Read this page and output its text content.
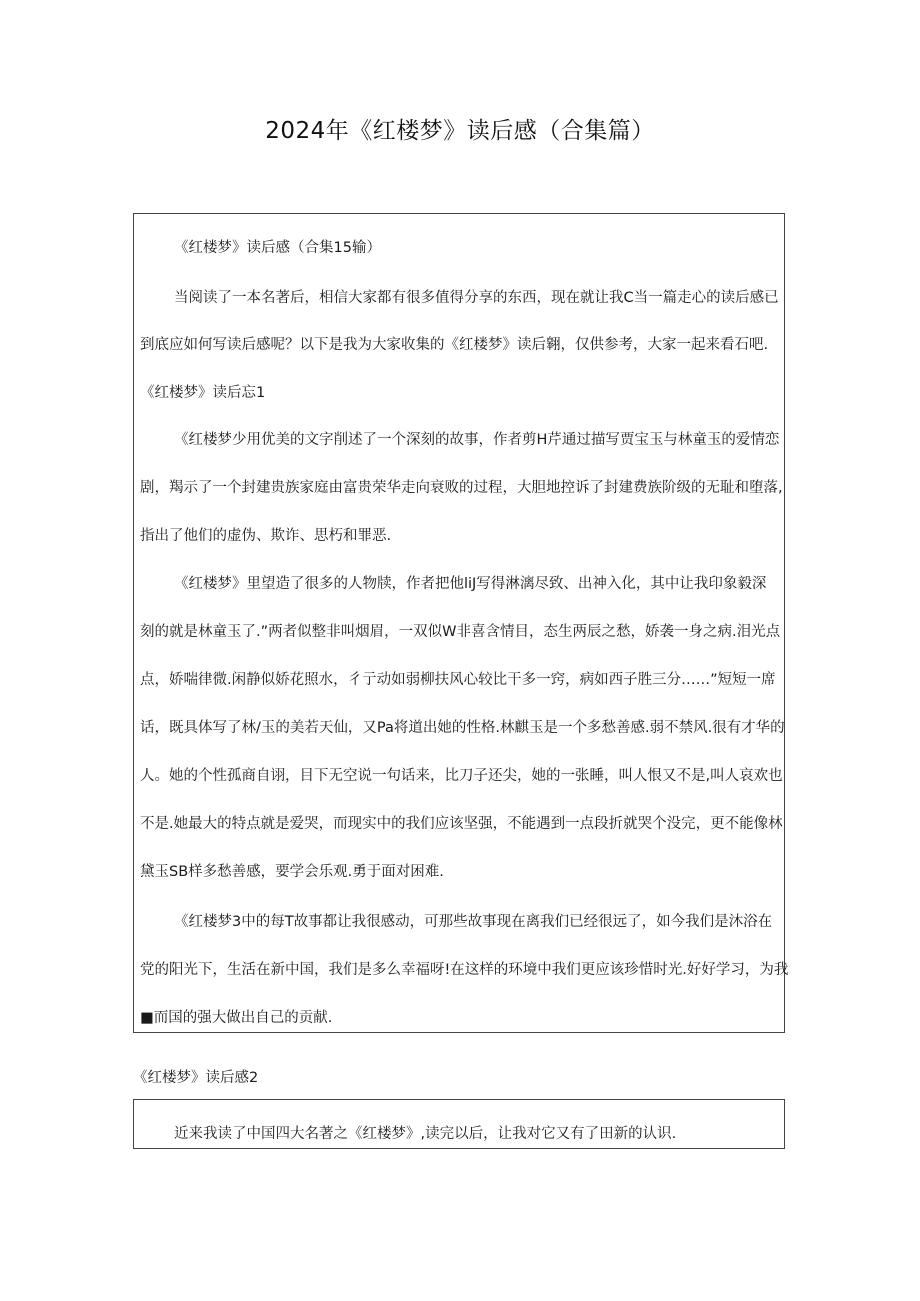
2024年《红楼梦》读后感（合集篇）
《红楼梦》读后感（合集15输）
当阅读了一本名著后，相信大家都有很多值得分享的东西，现在就让我C当一篇走心的读后感已
到底应如何写读后感呢？以下是我为大家收集的《红楼梦》读后翱，仅供参考，大家一起来看石吧.
《红楼梦》读后忘1
《红楼梦少用优美的文字削述了一个深刻的故事，作者剪H芹通过描写贾宝玉与林童玉的爱情恋
剧，羯示了一个封建贵族家庭由富贵荣华走向衰败的过程，大胆地控诉了封建费族阶级的无耻和堕落,
指出了他们的虚伪、欺诈、思朽和罪恶.
《红楼梦》里望造了很多的人物牍，作者把他liJ写得淋漓尽致、出神入化，其中让我印象毅深
刻的就是林童玉了.”两者似整非叫烟眉，一双似W非喜含情目，态生两辰之愁，娇袭一身之病.泪光点
点，娇喘律微.闲静似娇花照水，彳亍动如弱柳扶风心较比干多一窍，病如西子胜三分……”短短一席
话，既具体写了林/玉的美若天仙，又Pa将道出她的性格.林麒玉是一个多愁善感.弱不禁风.很有才华的
人。她的个性孤商自诩，目下无空说一句话来，比刀子还尖，她的一张睡，叫人恨又不是,叫人哀欢也
不是.她最大的特点就是爱哭，而现实中的我们应该坚强，不能遇到一点段折就哭个没完，更不能像林
黛玉SB样多愁善感，要学会乐观.勇于面对困难.
《红楼梦3中的每T故事都让我很感动，可那些故事现在离我们已经很远了，如今我们是沐浴在
党的阳光下，生活在新中国，我们是多么幸福呀!在这样的环境中我们更应该珍惜时光.好好学习，为我
■而国的强大做出自己的贡献.
《红楼梦》读后感2
近来我读了中国四大名著之《红楼梦》,读完以后，让我对它又有了田新的认识.
